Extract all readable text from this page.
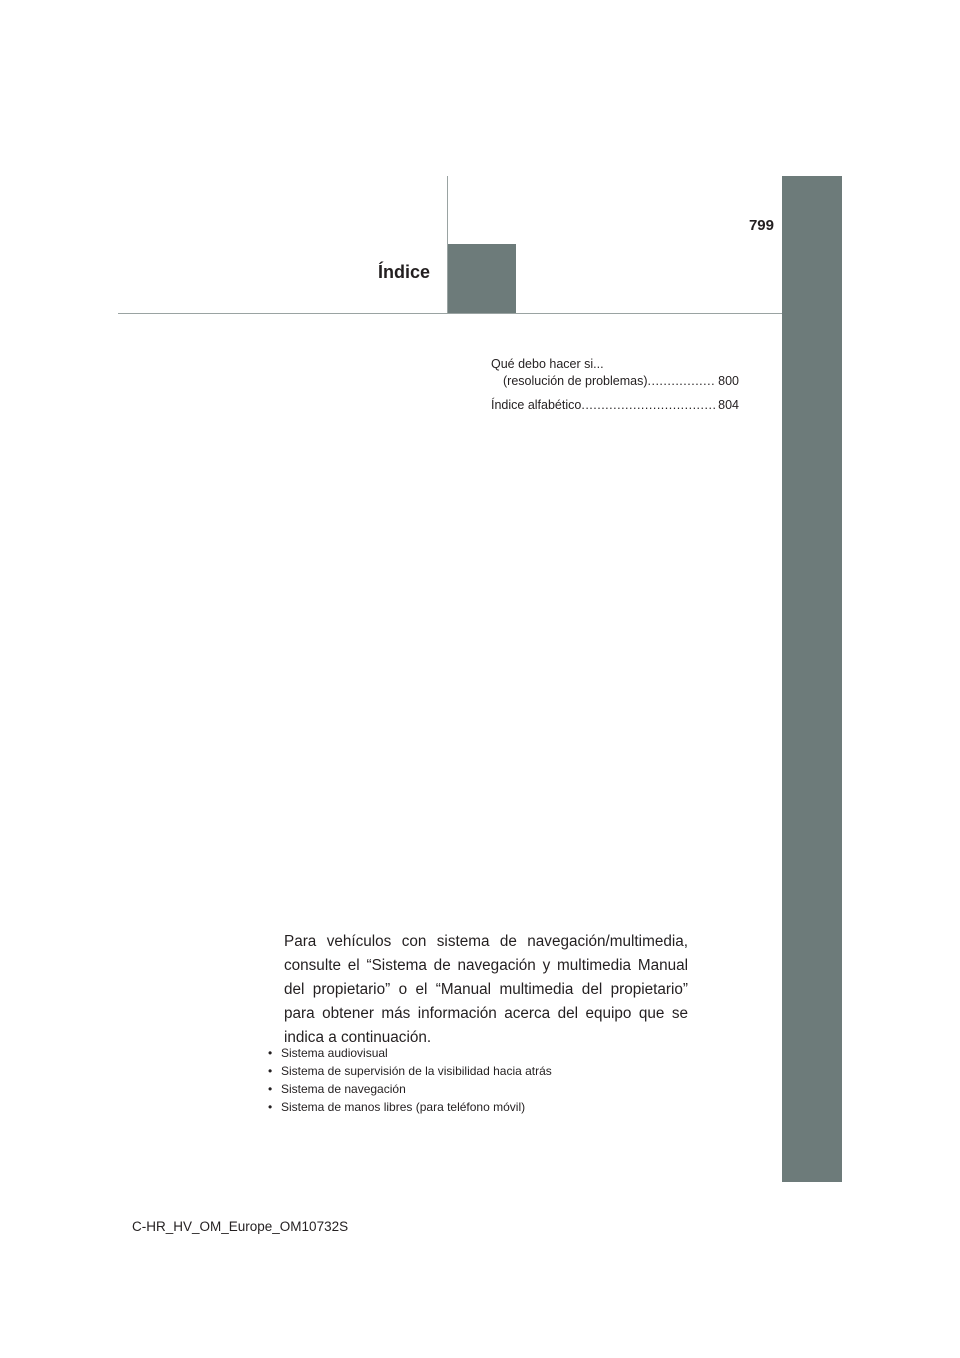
799
Índice
Qué debo hacer si...
(resolución de problemas) .....	800
Índice alfabético .....	804
Para vehículos con sistema de navegación/multimedia, consulte el “Sistema de navegación y multimedia Manual del propietario” o el “Manual multimedia del propietario” para obtener más información acerca del equipo que se indica a continuación.
• Sistema audiovisual
• Sistema de supervisión de la visibilidad hacia atrás
• Sistema de navegación
• Sistema de manos libres (para teléfono móvil)
C-HR_HV_OM_Europe_OM10732S
